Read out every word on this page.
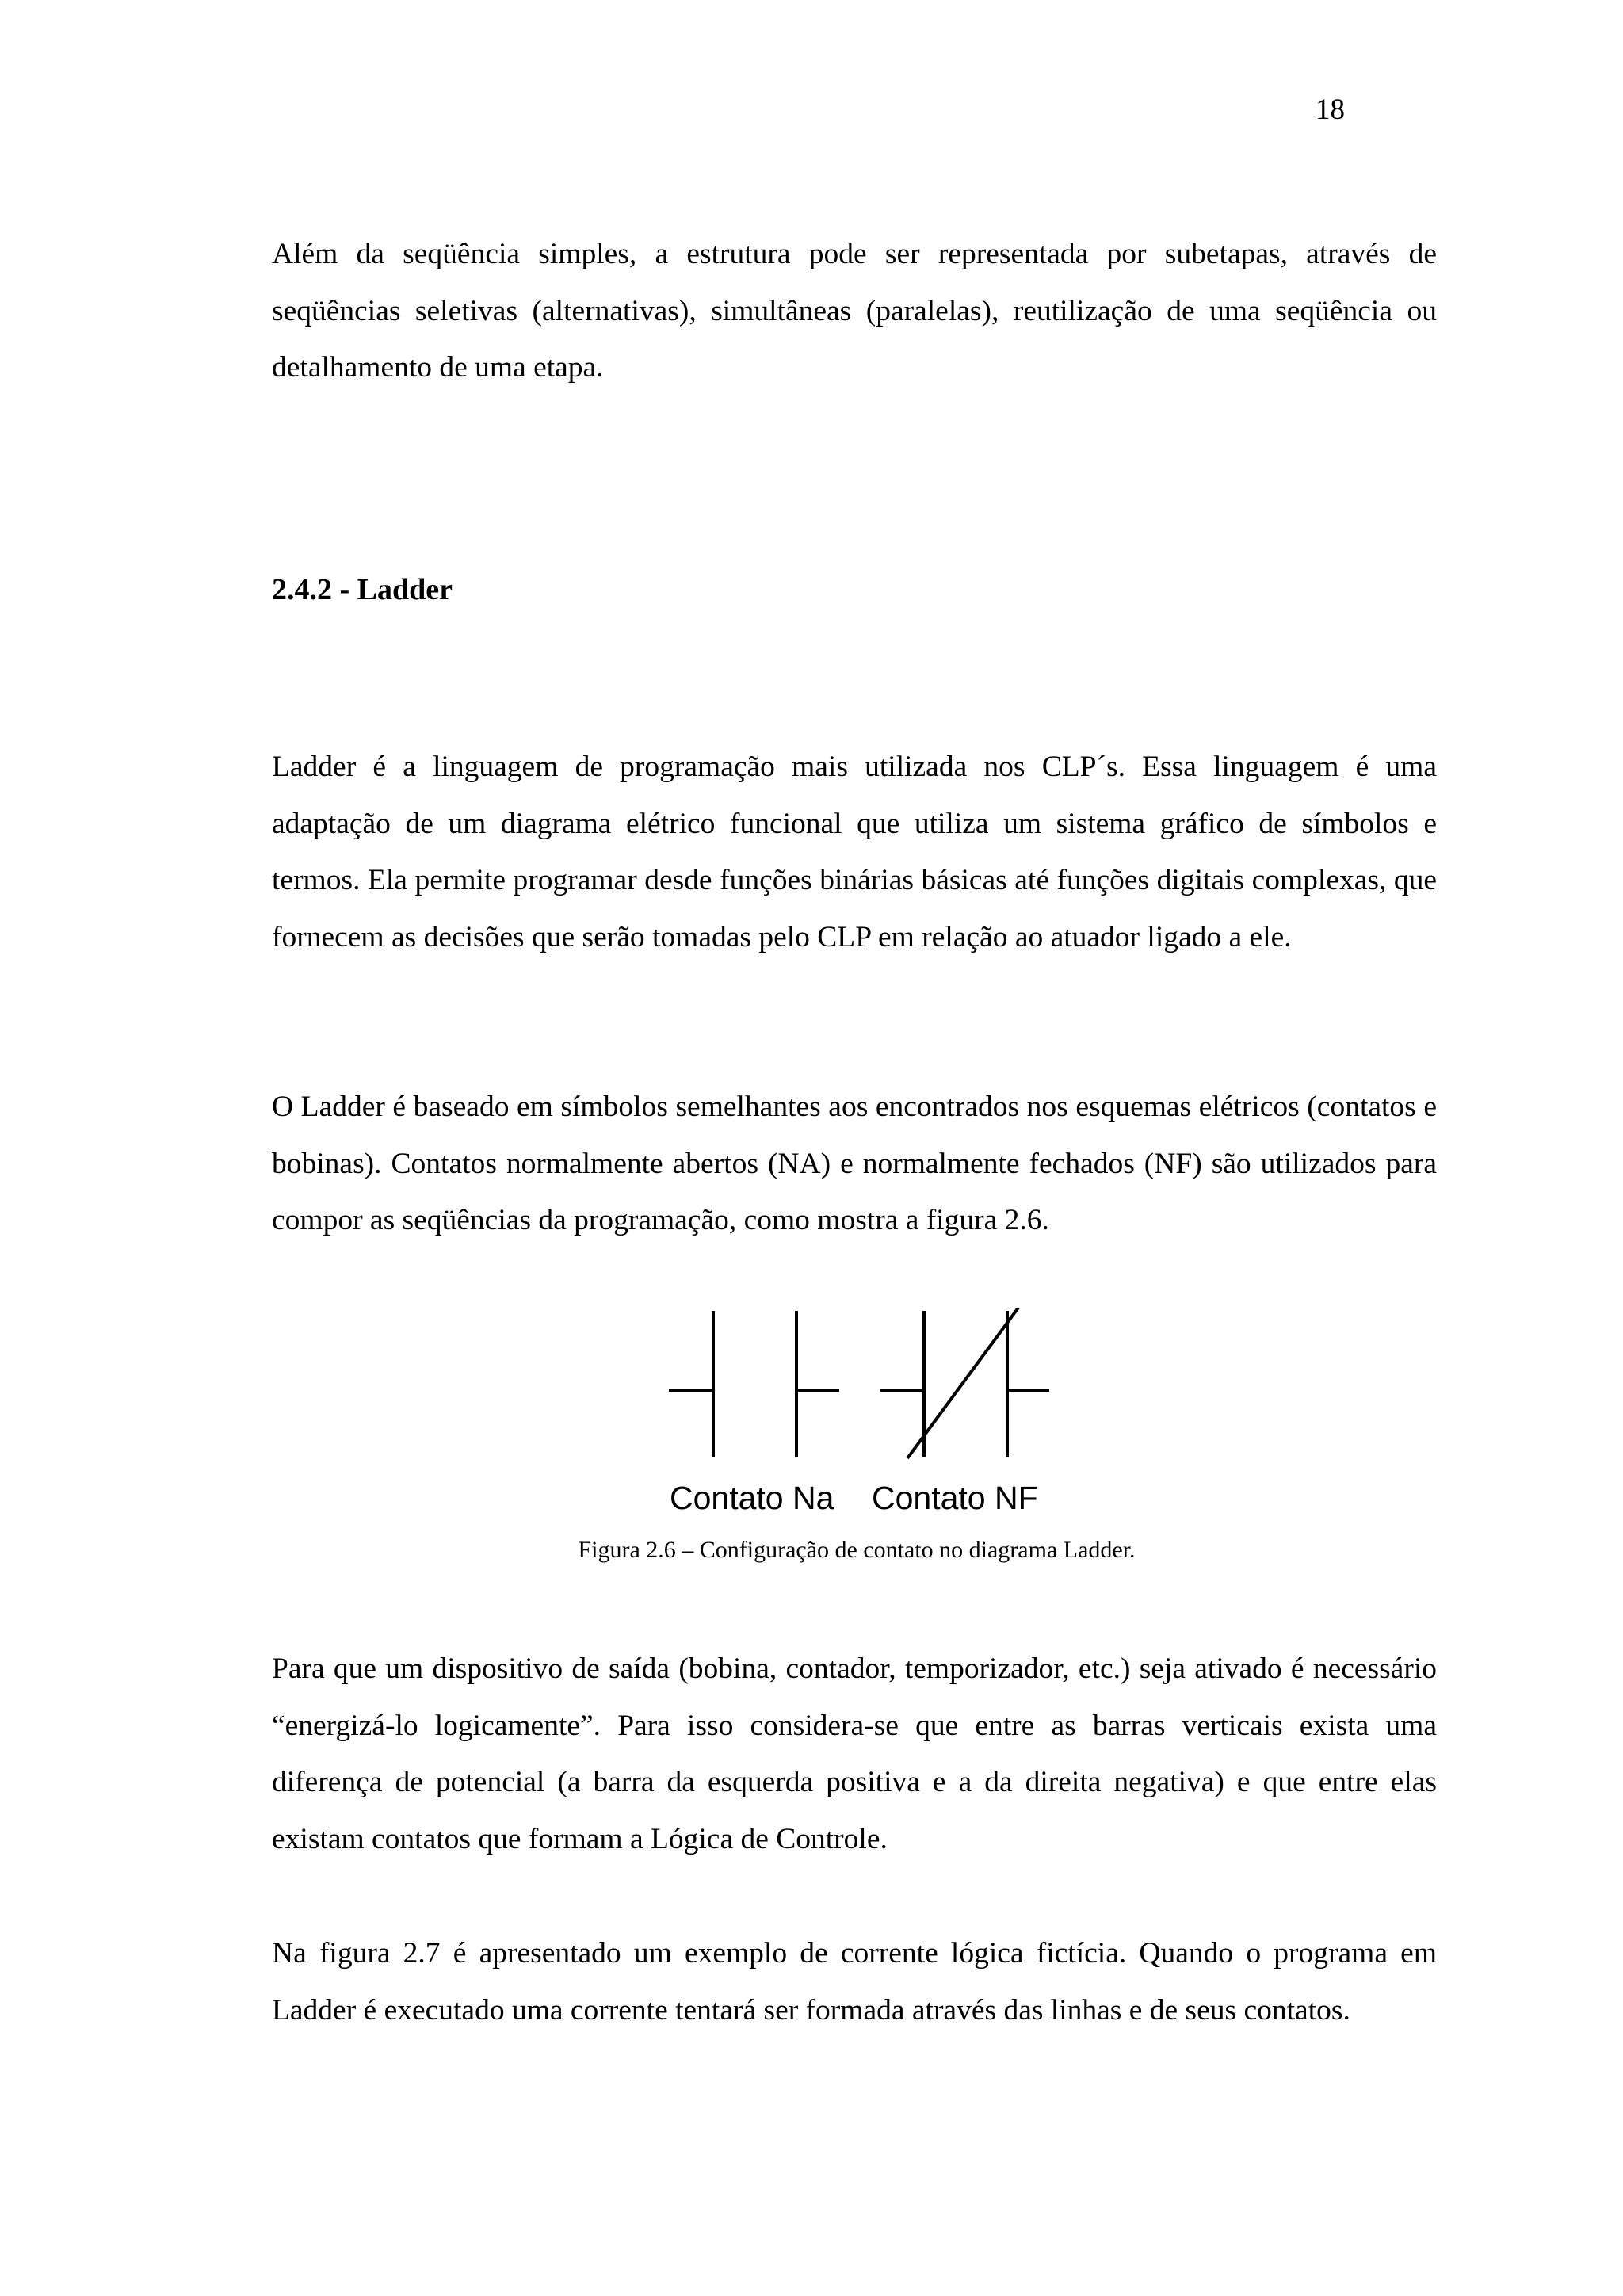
18

Além da seqüência simples, a estrutura pode ser representada por subetapas, através de seqüências seletivas (alternativas), simultâneas (paralelas), reutilização de uma seqüência ou detalhamento de uma etapa.

2.4.2 - Ladder

Ladder é a linguagem de programação mais utilizada nos CLP´s. Essa linguagem é uma adaptação de um diagrama elétrico funcional que utiliza um sistema gráfico de símbolos e termos. Ela permite programar desde funções binárias básicas até funções digitais complexas, que fornecem as decisões que serão tomadas pelo CLP em relação ao atuador ligado a ele.

O Ladder é baseado em símbolos semelhantes aos encontrados nos esquemas elétricos (contatos e bobinas). Contatos normalmente abertos (NA) e normalmente fechados (NF) são utilizados para compor as seqüências da programação, como mostra a figura 2.6.

Contato Na Contato NF
Figura 2.6 – Configuração de contato no diagrama Ladder.

Para que um dispositivo de saída (bobina, contador, temporizador, etc.) seja ativado é necessário “energizá-lo logicamente”. Para isso considera-se que entre as barras verticais exista uma diferença de potencial (a barra da esquerda positiva e a da direita negativa) e que entre elas existam contatos que formam a Lógica de Controle.

Na figura 2.7 é apresentado um exemplo de corrente lógica fictícia. Quando o programa em Ladder é executado uma corrente tentará ser formada através das linhas e de seus contatos.
